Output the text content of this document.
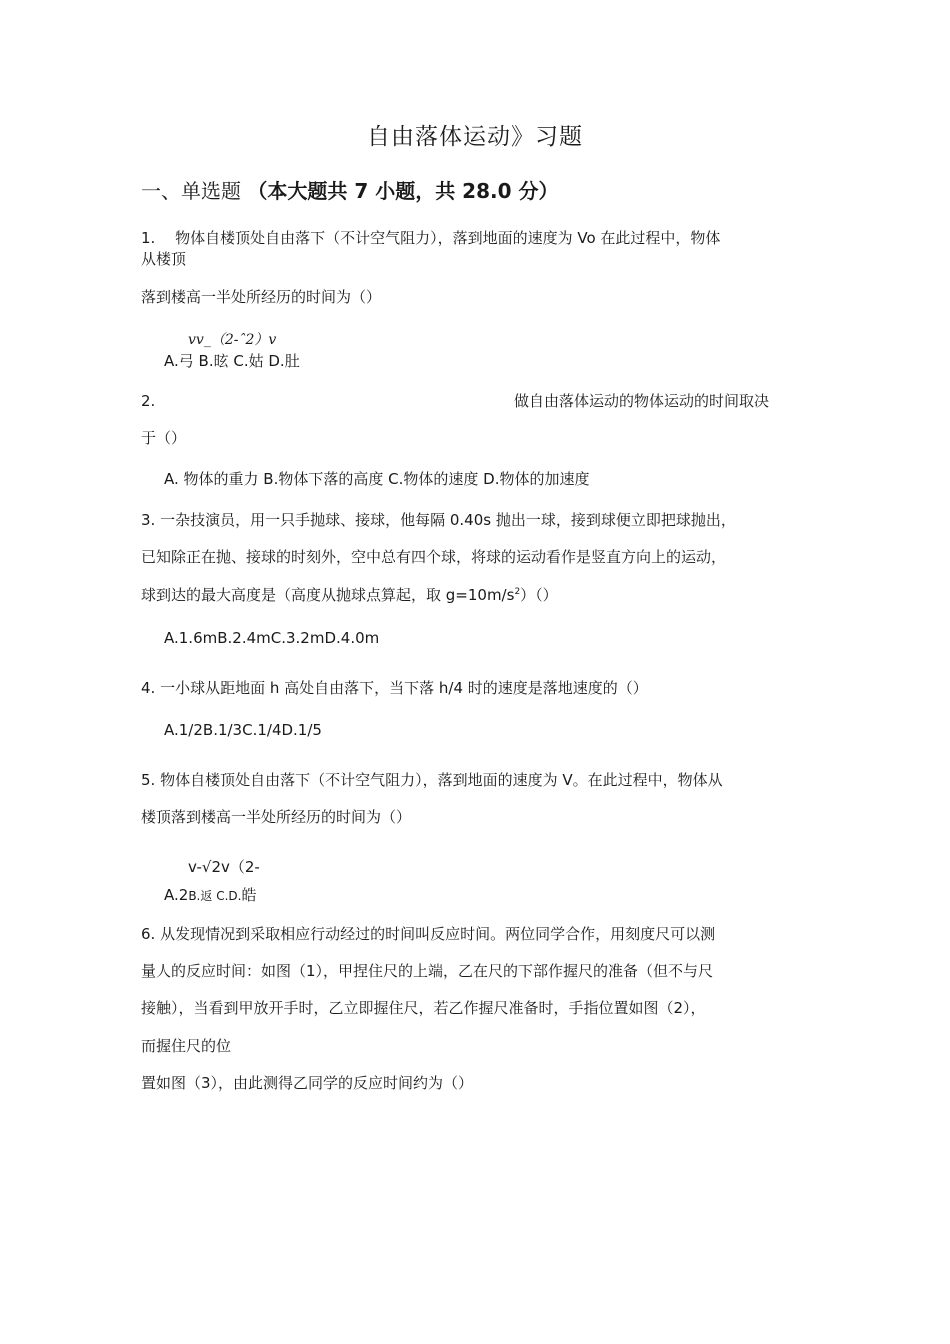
自由落体运动》习题
一、单选题 （本大题共 7 小题，共 28.0 分）
1.　 物体自楼顶处自由落下（不计空气阻力），落到地面的速度为 Vo 在此过程中，物体
从楼顶
落到楼高一半处所经历的时间为（）
vv_（2-ˆ2）v
A.弓 B.昡 C.姑 D.肚
2.	做自由落体运动的物体运动的时间取决
于（）
A. 物体的重力 B.物体下落的高度 C.物体的速度 D.物体的加速度
3. 一杂技演员，用一只手抛球、接球，他每隔 0.40s 抛出一球，接到球便立即把球抛出，
已知除正在抛、接球的时刻外，空中总有四个球，将球的运动看作是竖直方向上的运动，
球到达的最大高度是（高度从抛球点算起，取 $g=10m/s^2)()$
A.1.6mB.2.4mC.3.2mD.4.0m
4. 一小球从距地面 h 高处自由落下，当下落 h/4 时的速度是落地速度的（）
A.1/2B.1/3C.1/4D.1/5
5. 物体自楼顶处自由落下（不计空气阻力），落到地面的速度为 V。在此过程中，物体从
楼顶落到楼高一半处所经历的时间为（）
v-√2v（2-
A.2B.返 C.D.皓
6. 从发现情况到采取相应行动经过的时间叫反应时间。两位同学合作，用刻度尺可以测
量人的反应时间：如图（1），甲捏住尺的上端，乙在尺的下部作握尺的准备（但不与尺
接触），当看到甲放开手时，乙立即握住尺，若乙作握尺准备时，手指位置如图（2），
而握住尺的位
置如图（3），由此测得乙同学的反应时间约为（）
